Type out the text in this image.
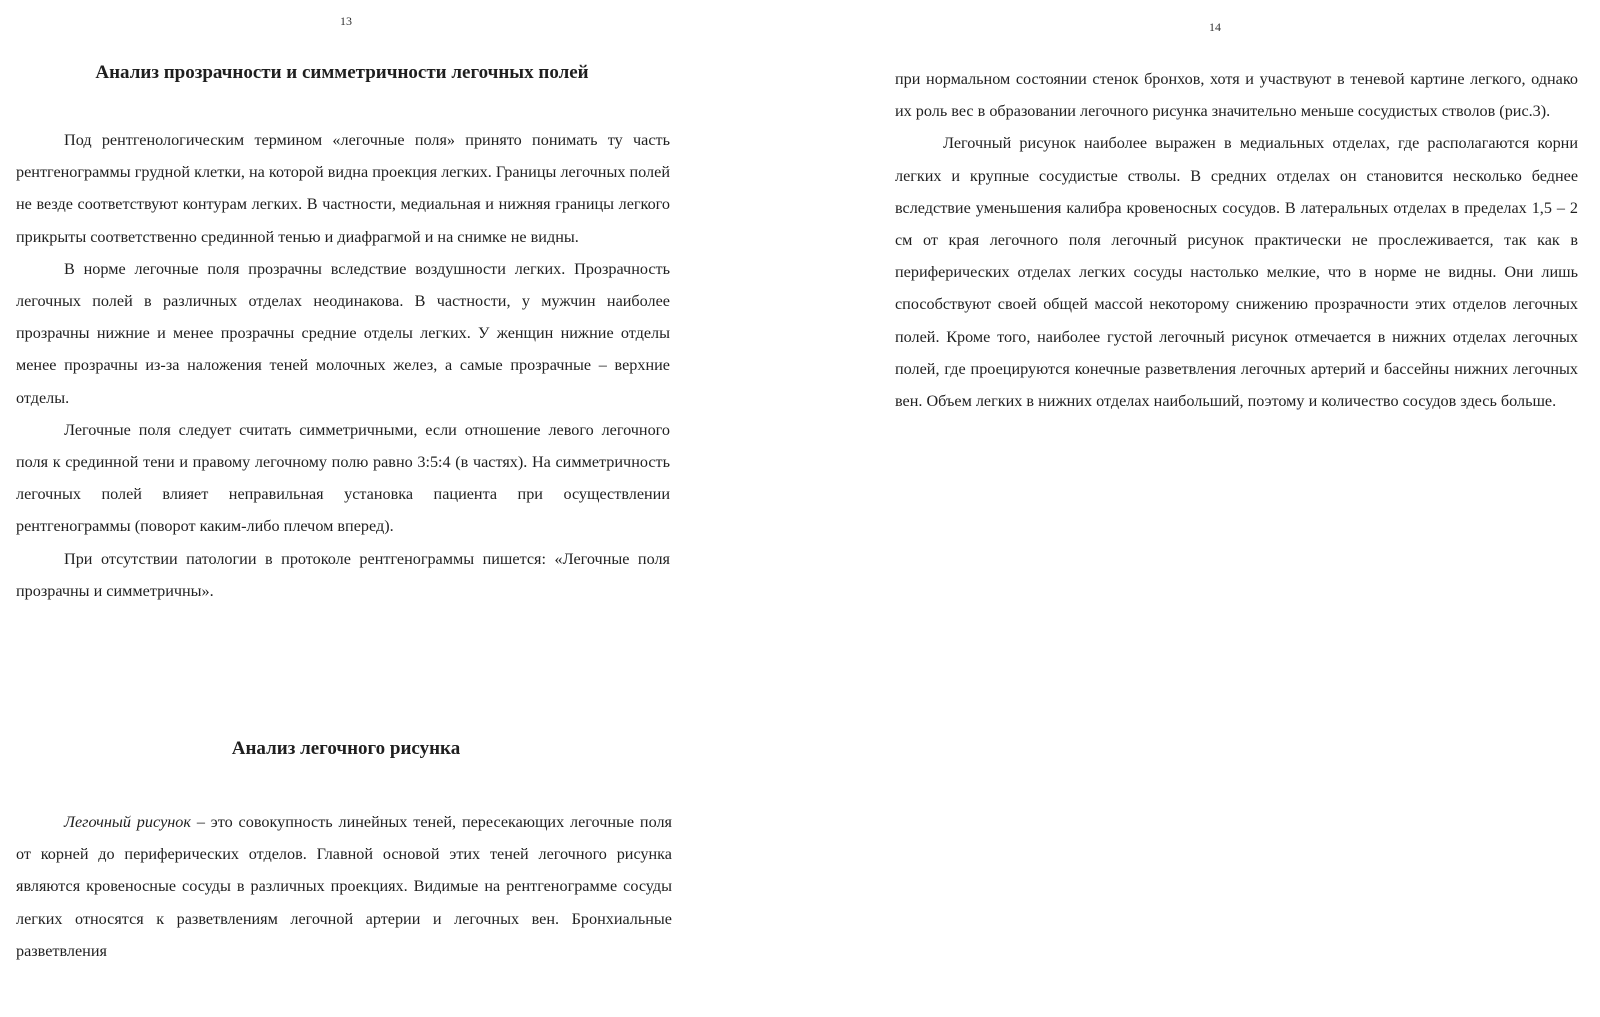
13
Анализ прозрачности и симметричности легочных полей

Под рентгенологическим термином «легочные поля» принято понимать ту часть рентгенограммы грудной клетки, на которой видна проекция легких. Границы легочных полей не везде соответствуют контурам легких. В частности, медиальная и нижняя границы легкого прикрыты соответственно срединной тенью и диафрагмой и на снимке не видны.

В норме легочные поля прозрачны вследствие воздушности легких. Прозрачность легочных полей в различных отделах неодинакова. В частности, у мужчин наиболее прозрачны нижние и менее прозрачны средние отделы легких. У женщин нижние отделы менее прозрачны из-за наложения теней молочных желез, а самые прозрачные – верхние отделы.

Легочные поля следует считать симметричными, если отношение левого легочного поля к срединной тени и правому легочному полю равно 3:5:4 (в частях). На симметричность легочных полей влияет неправильная установка пациента при осуществлении рентгенограммы (поворот каким-либо плечом вперед).

При отсутствии патологии в протоколе рентгенограммы пишется: «Легочные поля прозрачны и симметричны».

Анализ легочного рисунка

Легочный рисунок – это совокупность линейных теней, пересекающих легочные поля от корней до периферических отделов. Главной основой этих теней легочного рисунка являются кровеносные сосуды в различных проекциях. Видимые на рентгенограмме сосуды легких относятся к разветвлениям легочной артерии и легочных вен. Бронхиальные разветвления

14

при нормальном состоянии стенок бронхов, хотя и участвуют в теневой картине легкого, однако их роль вес в образовании легочного рисунка значительно меньше сосудистых стволов (рис.3).

Легочный рисунок наиболее выражен в медиальных отделах, где располагаются корни легких и крупные сосудистые стволы. В средних отделах он становится несколько беднее вследствие уменьшения калибра кровеносных сосудов. В латеральных отделах в пределах 1,5 – 2 см от края легочного поля легочный рисунок практически не прослеживается, так как в периферических отделах легких сосуды настолько мелкие, что в норме не видны. Они лишь способствуют своей общей массой некоторому снижению прозрачности этих отделов легочных полей. Кроме того, наиболее густой легочный рисунок отмечается в нижних отделах легочных полей, где проецируются конечные разветвления легочных артерий и бассейны нижних легочных вен. Объем легких в нижних отделах наибольший, поэтому и количество сосудов здесь больше.
